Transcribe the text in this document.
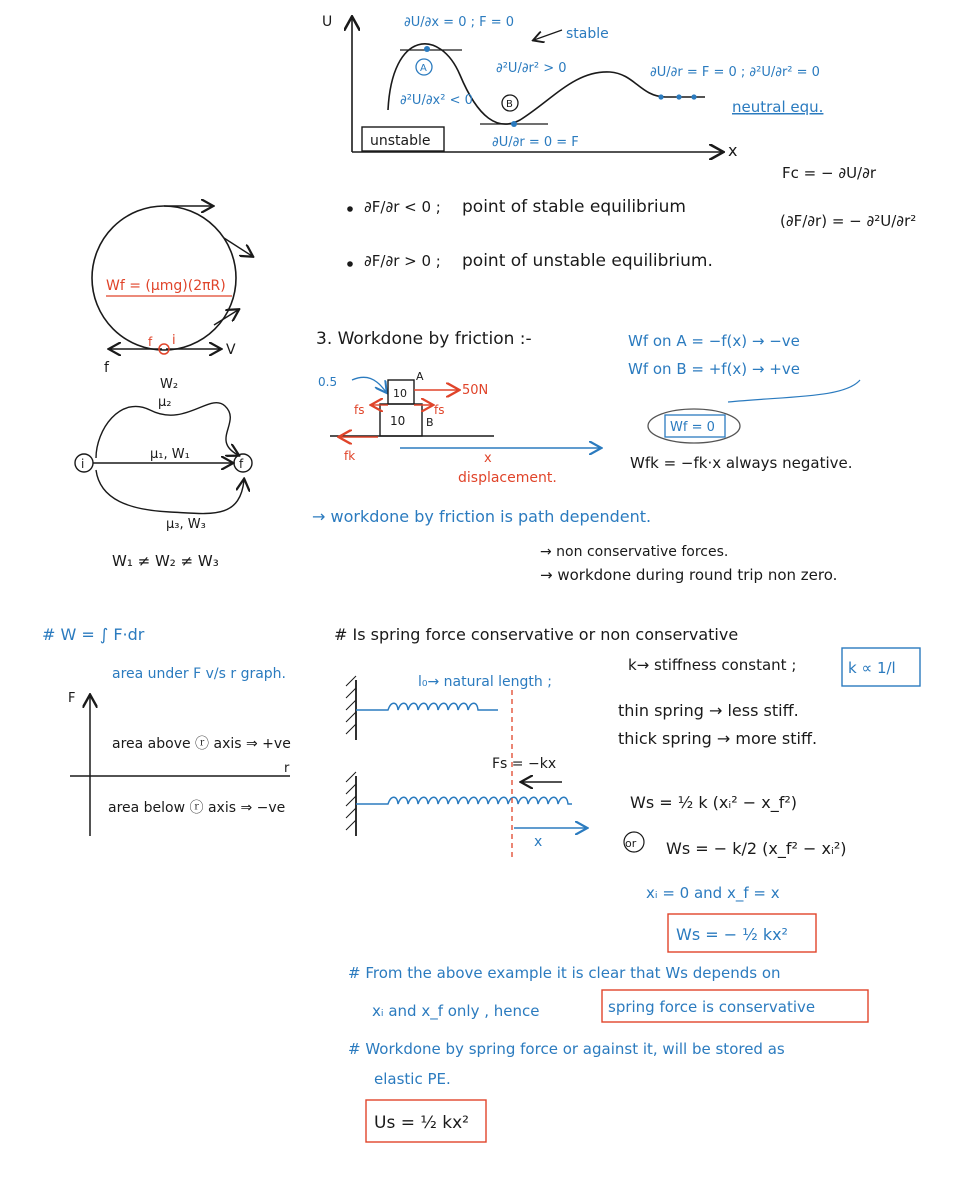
U
x
A
B
∂U/∂x = 0 ; F = 0
stable
∂²U/∂r² > 0
∂²U/∂x² < 0
unstable	∂U/∂r = 0 = F
∂U/∂r = F = 0 ; ∂²U/∂r² = 0
neutral equ.
Fc = − ∂U/∂r
(∂F/∂r) = − ∂²U/∂r²
∂F/∂r < 0 ; point of stable equilibrium
∂F/∂r > 0 ; point of unstable equilibrium.
Wf = (μmg)(2πR)
f
f i
V
W₂
μ₂
i	f
μ₁, W₁
μ₃, W₃
W₁ ≠ W₂ ≠ W₃
3. Workdone by friction :-
0.5
10
A
10 B
50N
fs	fs
fk	x
displacement.
Wf on A = −f(x) → −ve
Wf on B = +f(x) → +ve
Wf = 0
Wfk = −fk·x always negative.
→ workdone by friction is path dependent.
→ non conservative forces.
→ workdone during round trip non zero.
# W = ∫ F·dr
area under F v/s r graph.
F
r
area above ⓡ axis ⇒ +ve
area below ⓡ axis ⇒ −ve
# Is spring force conservative or non conservative
l₀→ natural length ;
k→ stiffness constant ;	k ∝ 1/l
thin spring → less stiff.
thick spring → more stiff.
Fs = −kx
x
Ws = ½ k (xᵢ² − x_f²)
or Ws = − k/2 (x_f² − xᵢ²)
xᵢ = 0 and x_f = x
Ws = − ½ kx²
# From the above example it is clear that Ws depends on
xᵢ and x_f only , hence	spring force is conservative
# Workdone by spring force or against it, will be stored as
elastic PE.
Us = ½ kx²
